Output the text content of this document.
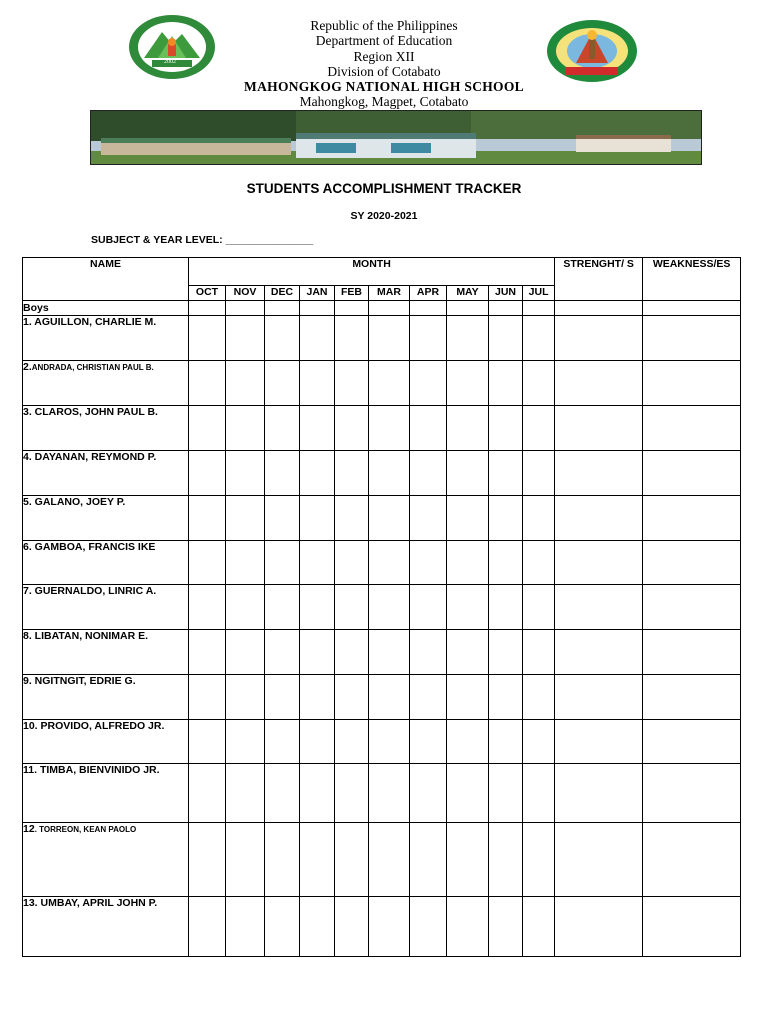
2002
Republic of the Philippines
Department of Education
Region XII
Division of Cotabato
MAHONGKOG NATIONAL HIGH SCHOOL
Mahongkog, Magpet, Cotabato
STUDENTS ACCOMPLISHMENT TRACKER
SY 2020-2021
SUBJECT & YEAR LEVEL: _______________
NAME	MONTH										STRENGHT/ S	WEAKNESS/ES
	OCT	NOV	DEC	JAN	FEB	MAR	APR	MAY	JUN	JUL		
Boys												
1. AGUILLON, CHARLIE M.												
2.ANDRADA, CHRISTIAN PAUL B.												
3. CLAROS, JOHN PAUL B.												
4. DAYANAN, REYMOND P.												
5. GALANO, JOEY P.												
6. GAMBOA, FRANCIS IKE												
7. GUERNALDO, LINRIC A.												
8. LIBATAN, NONIMAR E.												
9. NGITNGIT, EDRIE G.												
10. PROVIDO, ALFREDO JR.												
11. TIMBA, BIENVINIDO JR.												
12. TORREON, KEAN PAOLO												
13. UMBAY, APRIL JOHN P.												
